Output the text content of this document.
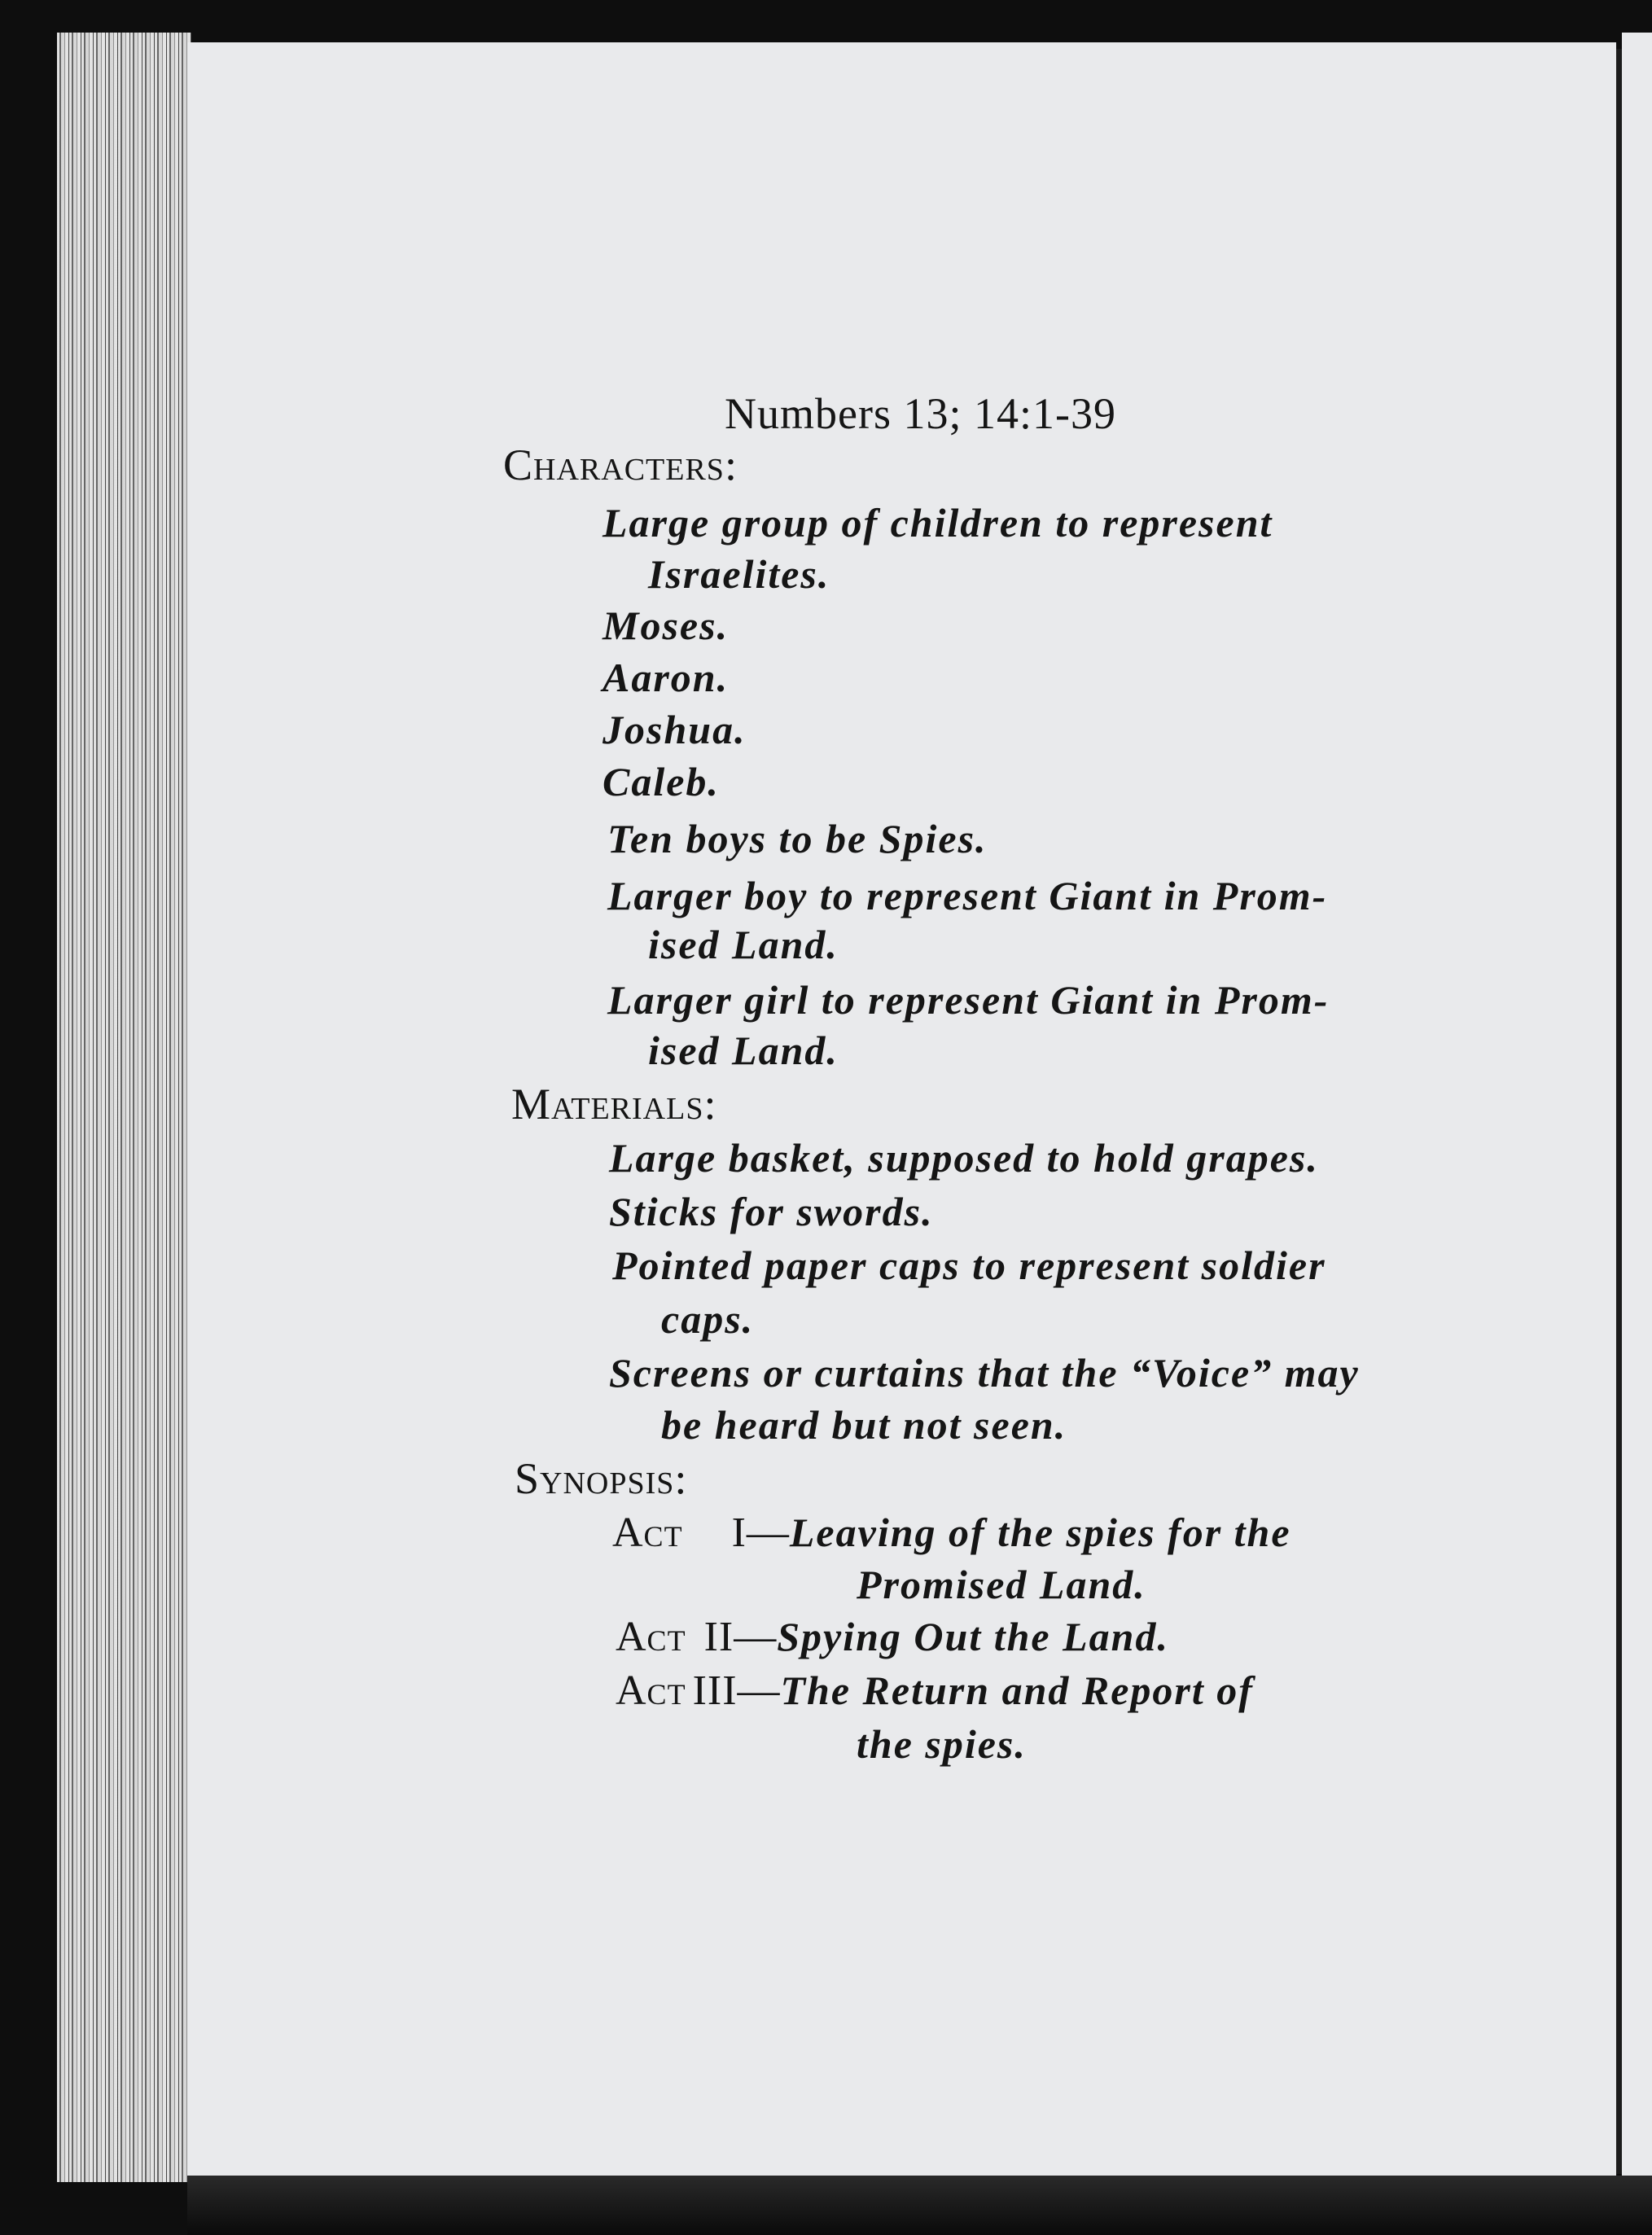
Numbers 13; 14:1-39
Characters:
Large group of children to represent
Israelites.
Moses.
Aaron.
Joshua.
Caleb.
Ten boys to be Spies.
Larger boy to represent Giant in Prom-
ised Land.
Larger girl to represent Giant in Prom-
ised Land.
Materials:
Large basket, supposed to hold grapes.
Sticks for swords.
Pointed paper caps to represent soldier
caps.
Screens or curtains that the “Voice” may
be heard but not seen.
Synopsis:
Act I—Leaving of the spies for the
Promised Land.
Act II—Spying Out the Land.
Act III—The Return and Report of
the spies.
